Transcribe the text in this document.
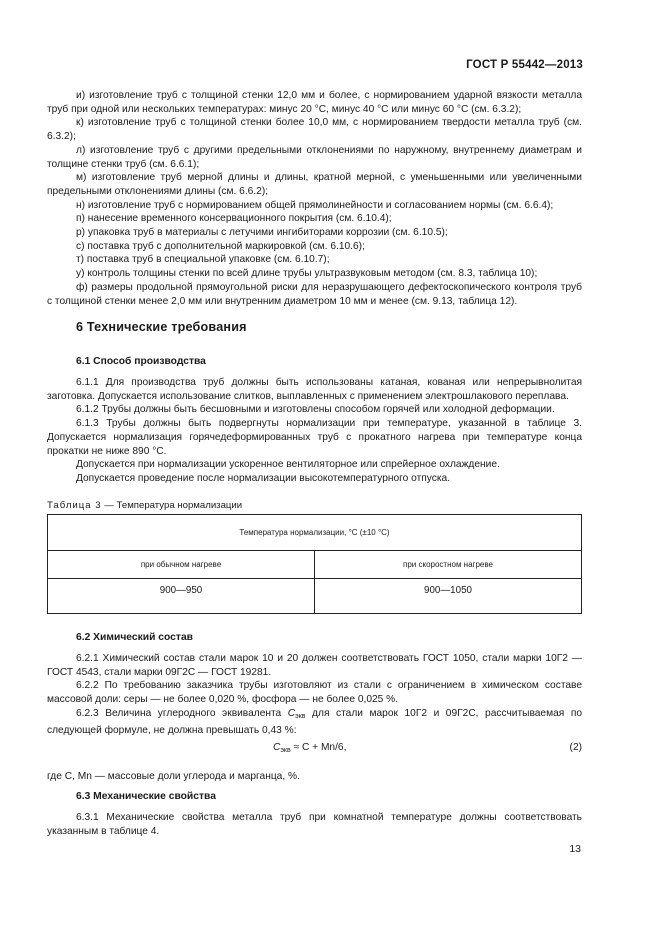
ГОСТ Р 55442—2013

и) изготовление труб с толщиной стенки 12,0 мм и более, с нормированием ударной вязкости металла труб при одной или нескольких температурах: минус 20 °С, минус 40 °С или минус 60 °С (см. 6.3.2);

к) изготовление труб с толщиной стенки более 10,0 мм, с нормированием твердости металла труб (см. 6.3.2);

л) изготовление труб с другими предельными отклонениями по наружному, внутреннему диаметрам и толщине стенки труб (см. 6.6.1);

м) изготовление труб мерной длины и длины, кратной мерной, с уменьшенными или увеличенными предельными отклонениями длины (см. 6.6.2);

н) изготовление труб с нормированием общей прямолинейности и согласованием нормы (см. 6.6.4);

п) нанесение временного консервационного покрытия (см. 6.10.4);

р) упаковка труб в материалы с летучими ингибиторами коррозии (см. 6.10.5);

с) поставка труб с дополнительной маркировкой (см. 6.10.6);

т) поставка труб в специальной упаковке (см. 6.10.7);

у) контроль толщины стенки по всей длине трубы ультразвуковым методом (см. 8.3, таблица 10);

ф) размеры продольной прямоугольной риски для неразрушающего дефектоскопического контроля труб с толщиной стенки менее 2,0 мм или внутренним диаметром 10 мм и менее (см. 9.13, таблица 12).

6 Технические требования
6.1 Способ производства

6.1.1 Для производства труб должны быть использованы катаная, кованая или непрерывнолитая заготовка. Допускается использование слитков, выплавленных с применением электрошлакового переплава.

6.1.2 Трубы должны быть бесшовными и изготовлены способом горячей или холодной деформации.

6.1.3 Трубы должны быть подвергнуты нормализации при температуре, указанной в таблице 3. Допускается нормализация горячедеформированных труб с прокатного нагрева при температуре конца прокатки не ниже 890 °С.

Допускается при нормализации ускоренное вентиляторное или спрейерное охлаждение.

Допускается проведение после нормализации высокотемпературного отпуска.

Таблица 3 — Температура нормализации
Температура нормализации, °С (±10 °С)	
при обычном нагреве	при скоростном нагреве
900—950	900—1050
6.2 Химический состав

6.2.1 Химический состав стали марок 10 и 20 должен соответствовать ГОСТ 1050, стали марки 10Г2 — ГОСТ 4543, стали марки 09Г2С — ГОСТ 19281.

6.2.2 По требованию заказчика трубы изготовляют из стали с ограничением в химическом составе массовой доли: серы — не более 0,020 %, фосфора — не более 0,025 %.

6.2.3 Величина углеродного эквивалента $C_{экв}$ для стали марок 10Г2 и 09Г2С, рассчитываемая по следующей формуле, не должна превышать 0,43 %:

$C_{экв} \approx C + Mn/6$,	(2)
где C, Mn — массовые доли углерода и марганца, %.
6.3 Механические свойства

6.3.1 Механические свойства металла труб при комнатной температуре должны соответствовать указанным в таблице 4.

13
